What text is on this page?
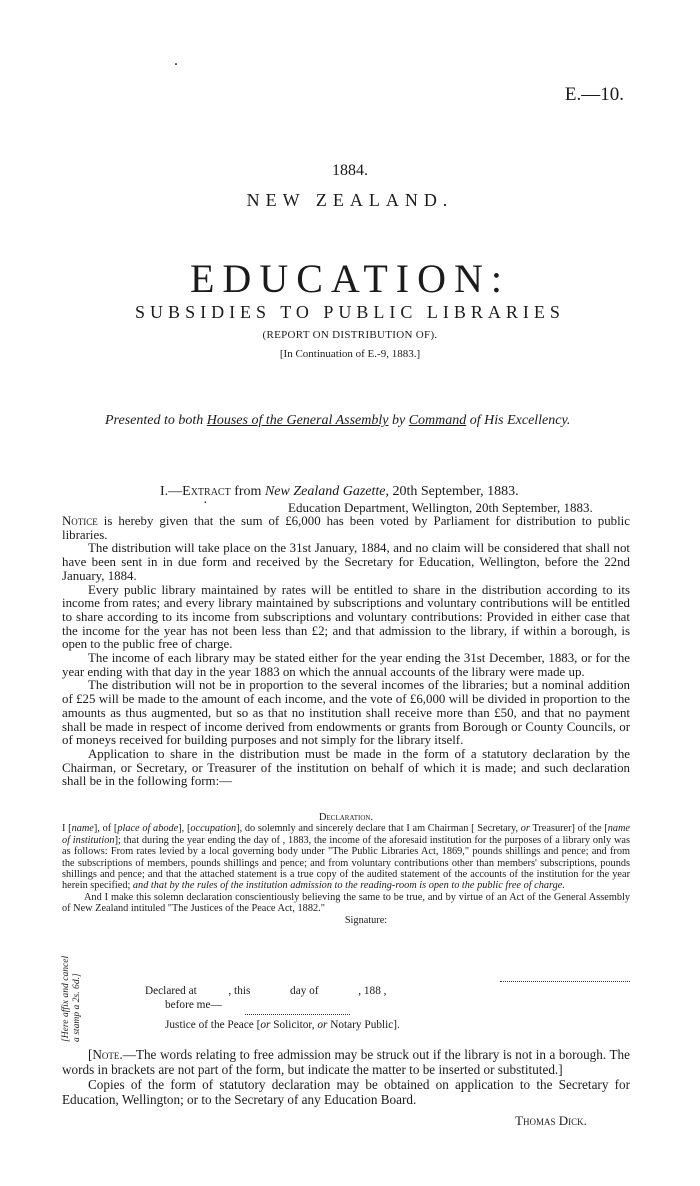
.
E.—10.
1884.
NEW ZEALAND.
EDUCATION:
SUBSIDIES TO PUBLIC LIBRARIES
(REPORT ON DISTRIBUTION OF).
[In Continuation of E.-9, 1883.]
Presented to both Houses of the General Assembly by Command of His Excellency.
I.—Extract from New Zealand Gazette, 20th September, 1883.
·	Education Department, Wellington, 20th September, 1883.

Notice is hereby given that the sum of £6,000 has been voted by Parliament for distribution to public libraries.

The distribution will take place on the 31st January, 1884, and no claim will be considered that shall not have been sent in in due form and received by the Secretary for Education, Wellington, before the 22nd January, 1884.

Every public library maintained by rates will be entitled to share in the distribution according to its income from rates; and every library maintained by subscriptions and voluntary contributions will be entitled to share according to its income from subscriptions and voluntary contributions: Provided in either case that the income for the year has not been less than £2; and that admission to the library, if within a borough, is open to the public free of charge.

The income of each library may be stated either for the year ending the 31st December, 1883, or for the year ending with that day in the year 1883 on which the annual accounts of the library were made up.

The distribution will not be in proportion to the several incomes of the libraries; but a nominal addition of £25 will be made to the amount of each income, and the vote of £6,000 will be divided in proportion to the amounts as thus augmented, but so as that no institution shall receive more than £50, and that no payment shall be made in respect of income derived from endowments or grants from Borough or County Councils, or of moneys received for building purposes and not simply for the library itself.

Application to share in the distribution must be made in the form of a statutory declaration by the Chairman, or Secretary, or Treasurer of the institution on behalf of which it is made; and such declaration shall be in the following form:—

Declaration.

I [name], of [place of abode], [occupation], do solemnly and sincerely declare that I am Chairman [ Secretary, or Treasurer] of the [name of institution]; that during the year ending the day of , 1883, the income of the aforesaid institution for the purposes of a library only was as follows: From rates levied by a local governing body under "The Public Libraries Act, 1869," pounds shillings and pence; and from the subscriptions of members, pounds shillings and pence; and from voluntary contributions other than members' subscriptions, pounds shillings and pence; and that the attached statement is a true copy of the audited statement of the accounts of the institution for the year herein specified; and that by the rules of the institution admission to the reading-room is open to the public free of charge.

And I make this solemn declaration conscientiously believing the same to be true, and by virtue of an Act of the General Assembly of New Zealand intituled "The Justices of the Peace Act, 1882."

Signature:

[Here affix and cancel a stamp a 2s. 6d.]	Declared at	, this	day of	, 188 ,
before me—
Justice of the Peace [or Solicitor, or Notary Public].

[Note.—The words relating to free admission may be struck out if the library is not in a borough. The words in brackets are not part of the form, but indicate the matter to be inserted or substituted.]

Copies of the form of statutory declaration may be obtained on application to the Secretary for Education, Wellington; or to the Secretary of any Education Board.

Thomas Dick.
